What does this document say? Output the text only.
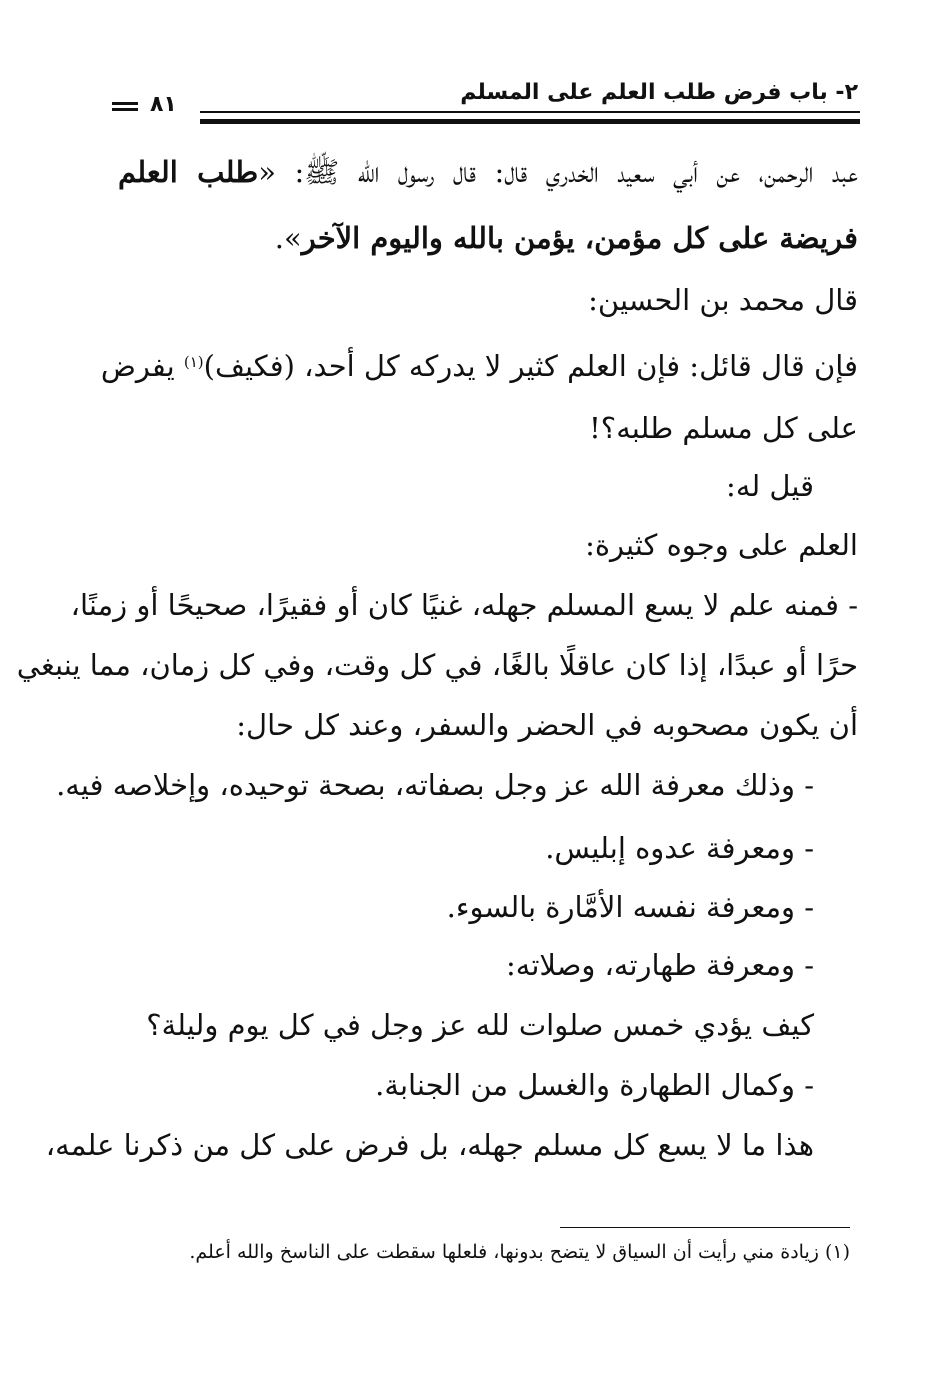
٢- باب فرض طلب العلم على المسلم
٨١
عبد الرحمن، عن أبي سعيد الخدري قال: قال رسول الله ﷺ: «طلب العلم
فريضة على كل مؤمن، يؤمن بالله واليوم الآخر».
قال محمد بن الحسين:
فإن قال قائل: فإن العلم كثير لا يدركه كل أحد، (فكيف)$^{(١)}$ يفرض
على كل مسلم طلبه؟!
قيل له:
العلم على وجوه كثيرة:
- فمنه علم لا يسع المسلم جهله، غنيًا كان أو فقيرًا، صحيحًا أو زمنًا،
حرًا أو عبدًا، إذا كان عاقلًا بالغًا، في كل وقت، وفي كل زمان، مما ينبغي
أن يكون مصحوبه في الحضر والسفر، وعند كل حال:
- وذلك معرفة الله عز وجل بصفاته، بصحة توحيده، وإخلاصه فيه.
- ومعرفة عدوه إبليس.
- ومعرفة نفسه الأمَّارة بالسوء.
- ومعرفة طهارته، وصلاته:
كيف يؤدي خمس صلوات لله عز وجل في كل يوم وليلة؟
- وكمال الطهارة والغسل من الجنابة.
هذا ما لا يسع كل مسلم جهله، بل فرض على كل من ذكرنا علمه،
(١) زيادة مني رأيت أن السياق لا يتضح بدونها، فلعلها سقطت على الناسخ والله أعلم.
